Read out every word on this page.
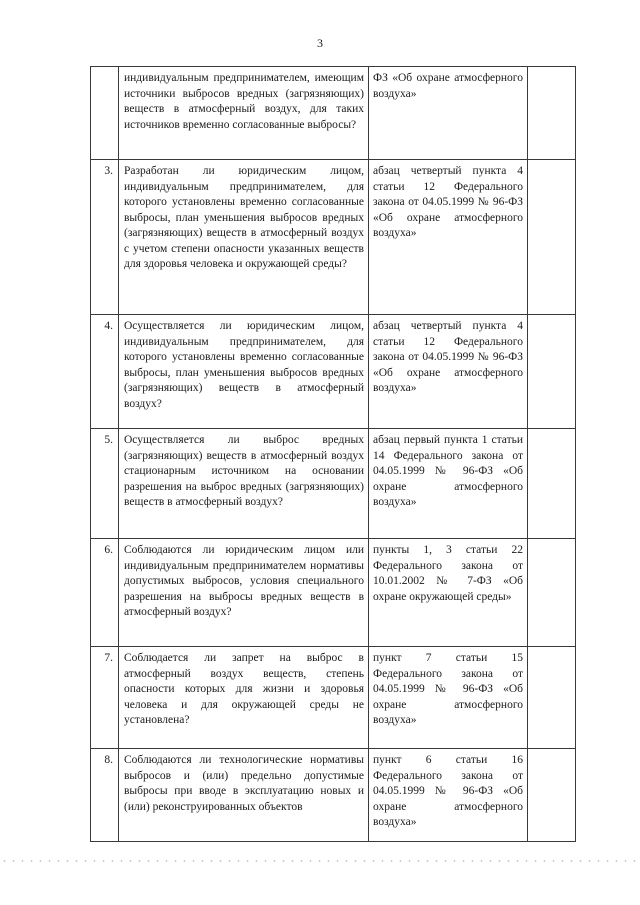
3
	индивидуальным предпринимателем, имеющим источники выбросов вредных (загрязняющих) веществ в атмосферный воздух, для таких источников временно согласованные выбросы?	ФЗ «Об охране атмосферного воздуха»	
3.	Разработан ли юридическим лицом, индивидуальным предпринимателем, для которого установлены временно согласованные выбросы, план уменьшения выбросов вредных (загрязняющих) веществ в атмосферный воздух с учетом степени опасности указанных веществ для здоровья человека и окружающей среды?	абзац четвертый пункта 4 статьи 12 Федерального закона от 04.05.1999 № 96-ФЗ «Об охране атмосферного воздуха»	
4.	Осуществляется ли юридическим лицом, индивидуальным предпринимателем, для которого установлены временно согласованные выбросы, план уменьшения выбросов вредных (загрязняющих) веществ в атмосферный воздух?	абзац четвертый пункта 4 статьи 12 Федерального закона от 04.05.1999 № 96-ФЗ «Об охране атмосферного воздуха»	
5.	Осуществляется ли выброс вредных (загрязняющих) веществ в атмосферный воздух стационарным источником на основании разрешения на выброс вредных (загрязняющих) веществ в атмосферный воздух?	абзац первый пункта 1 статьи 14 Федерального закона от 04.05.1999 № 96-ФЗ «Об охране атмосферного воздуха»	
6.	Соблюдаются ли юридическим лицом или индивидуальным предпринимателем нормативы допустимых выбросов, условия специального разрешения на выбросы вредных веществ в атмосферный воздух?	пункты 1, 3 статьи 22 Федерального закона от 10.01.2002 № 7-ФЗ «Об охране окружающей среды»	
7.	Соблюдается ли запрет на выброс в атмосферный воздух веществ, степень опасности которых для жизни и здоровья человека и для окружающей среды не установлена?	пункт 7 статьи 15 Федерального закона от 04.05.1999 № 96-ФЗ «Об охране атмосферного воздуха»	
8.	Соблюдаются ли технологические нормативы выбросов и (или) предельно допустимые выбросы при вводе в эксплуатацию новых и (или) реконструированных объектов	пункт 6 статьи 16 Федерального закона от 04.05.1999 № 96-ФЗ «Об охране атмосферного воздуха»	
